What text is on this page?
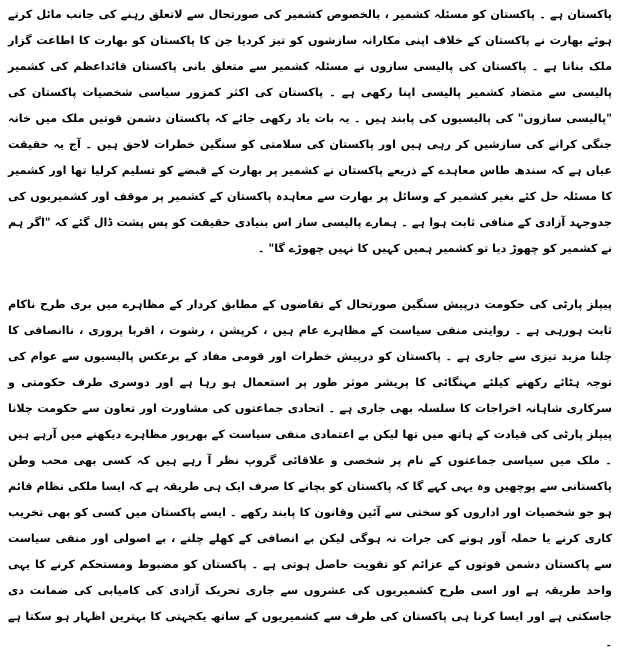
پاکستان ہے ۔ پاکستان کو مسئلہ کشمیر ، بالخصوص کشمیر کی صورتحال سے لاتعلق رہنے کی جانب مائل کرتے ہوئے بھارت نے پاکستان کے خلاف اپنی مکارانہ سازشوں کو تیز کردیا جن کا پاکستان کو بھارت کا اطاعت گزار ملک بنانا ہے ۔ پاکستان کی پالیسی سازوں نے مسئلہ کشمیر سے متعلق بانی پاکستان قائداعظم کی کشمیر پالیسی سے متضاد کشمیر پالیسی اپنا رکھی ہے ۔ پاکستان کی اکثر کمزور سیاسی شخصیات پاکستان کی "پالیسی سازوں" کی پالیسیوں کی پابند ہیں ۔ یہ بات یاد رکھی جائے کہ پاکستان دشمن قوتیں ملک میں خانہ جنگی کرانے کی سازشیں کر رہی ہیں اور پاکستان کی سلامتی کو سنگین خطرات لاحق ہیں ۔ آج یہ حقیقت عیاں ہے کہ سندھ طاس معاہدے کے ذریعے پاکستان نے کشمیر پر بھارت کے قبضے کو تسلیم کرلیا تھا اور کشمیر کا مسئلہ حل کئے بغیر کشمیر کے وسائل پر بھارت سے معاہدہ پاکستان کے کشمیر پر موقف اور کشمیریوں کی جدوجہد آزادی کے منافی ثابت ہوا ہے ۔ ہمارے پالیسی ساز اس بنیادی حقیقت کو پس پشت ڈال گئے کہ "اگر ہم نے کشمیر کو چھوڑ دیا تو کشمیر ہمیں کہیں کا نہیں چھوڑے گا" ۔

پیپلز پارٹی کی حکومت درپیش سنگین صورتحال کے تقاضوں کے مطابق کردار کے مظاہرے میں بری طرح ناکام ثابت ہورہی ہے ۔ روایتی منفی سیاست کے مظاہرے عام ہیں ، کرپشن ، رشوت ، اقربا پروری ، ناانصافی کا چلنا مزید تیزی سے جاری ہے ۔ پاکستان کو درپیش خطرات اور قومی مفاد کے برعکس پالیسیوں سے عوام کی توجہ ہٹائے رکھنے کیلئے مہنگائی کا پریشر موثر طور پر استعمال ہو رہا ہے اور دوسری طرف حکومتی و سرکاری شاہانہ اخراجات کا سلسلہ بھی جاری ہے ۔ اتحادی جماعتوں کی مشاورت اور تعاون سے حکومت چلانا پیپلز پارٹی کی قیادت کے ہاتھ میں تھا لیکن بے اعتمادی منفی سیاست کے بھرپور مظاہرے دیکھنے میں آرہے ہیں ۔ ملک میں سیاسی جماعتوں کے نام پر شخصی و علاقائی گروپ نظر آ رہے ہیں کہ کسی بھی محب وطن پاکستانی سے پوچھیں وہ یہی کہے گا کہ پاکستان کو بچانے کا صرف ایک ہی طریقہ ہے کہ ایسا ملکی نظام قائم ہو جو شخصیات اور اداروں کو سختی سے آئین وقانون کا پابند رکھے ۔ ایسے پاکستان میں کسی کو بھی تخریب کاری کرنے یا حملہ آور ہونے کی جرات نہ ہوگی لیکن بے انصافی کے کھلے چلنے ، بے اصولی اور منفی سیاست سے پاکستان دشمن قوتوں کے عزائم کو تقویت حاصل ہوتی ہے ۔ پاکستان کو مضبوط ومستحکم کرنے کا یہی واحد طریقہ ہے اور اسی طرح کشمیریوں کی عشروں سے جاری تحریک آزادی کی کامیابی کی ضمانت دی جاسکتی ہے اور ایسا کرنا ہی پاکستان کی طرف سے کشمیریوں کے ساتھ یکجہتی کا بہترین اظہار ہو سکتا ہے ۔
